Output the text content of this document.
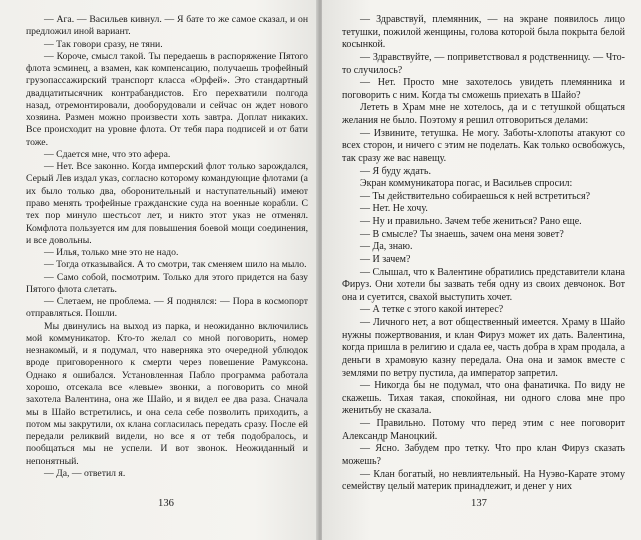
— Ага. — Васильев кивнул. — Я бате то же самое сказал, и он предложил иной вариант.

— Так говори сразу, не тяни.

— Короче, смысл такой. Ты передаешь в распоряжение Пятого флота эсминец, а взамен, как компенсацию, получаешь трофейный грузопассажирский транспорт класса «Орфей». Это стандартный двадцатитысячник контрабандистов. Его перехватили полгода назад, отремонтировали, дооборудовали и сейчас он ждет нового хозяина. Размен можно произвести хоть завтра. Доплат никаких. Все происходит на уровне флота. От тебя пара подписей и от бати тоже.

— Сдается мне, что это афера.

— Нет. Все законно. Когда имперский флот только зарождался, Серый Лев издал указ, согласно которому командующие флотами (а их было только два, оборонительный и наступательный) имеют право менять трофейные гражданские суда на военные корабли. С тех пор минуло шестьсот лет, и никто этот указ не отменял. Комфлота пользуется им для повышения боевой мощи соединения, и все довольны.

— Илья, только мне это не надо.

— Тогда отказывайся. А то смотри, так сменяем шило на мыло.

— Само собой, посмотрим. Только для этого придется на базу Пятого флота слетать.

— Слетаем, не проблема. — Я поднялся: — Пора в космопорт отправляться. Пошли.

Мы двинулись на выход из парка, и неожиданно включились мой коммуникатор. Кто-то желал со мной поговорить, номер незнакомый, и я подумал, что наверняка это очередной ублюдок вроде приговоренного к смерти через повешение Рамуксона. Однако я ошибался. Установленная Пабло программа работала хорошо, отсекала все «левые» звонки, а поговорить со мной захотела Валентина, она же Шайо, и я видел ее два раза. Сначала мы в Шайо встретились, и она села себе позволить приходить, а потом мы закрутили, ох клана согласилась передать сразу. После ей передали реликвий видели, но все я от тебя подобралось, и пообщаться мы не успели. И вот звонок. Неожиданный и непонятный.

— Да, — ответил я.

136

— Здравствуй, племянник, — на экране появилось лицо тетушки, пожилой женщины, голова которой была покрыта белой косынкой.

— Здравствуйте, — поприветствовал я родственницу. — Что-то случилось?

— Нет. Просто мне захотелось увидеть племянника и поговорить с ним. Когда ты сможешь приехать в Шайо?

Лететь в Храм мне не хотелось, да и с тетушкой общаться желания не было. Поэтому я решил отговориться делами:

— Извините, тетушка. Не могу. Заботы-хлопоты атакуют со всех сторон, и ничего с этим не поделать. Как только освобожусь, так сразу же вас навещу.

— Я буду ждать.

Экран коммуникатора погас, и Васильев спросил:

— Ты действительно собираешься к ней встретиться?

— Нет. Не хочу.

— Ну и правильно. Зачем тебе жениться? Рано еще.

— В смысле? Ты знаешь, зачем она меня зовет?

— Да, знаю.

— И зачем?

— Слышал, что к Валентине обратились представители клана Фируз. Они хотели бы зазвать тебя одну из своих девчонок. Вот она и суетится, свахой выступить хочет.

— А тетке с этого какой интерес?

— Личного нет, а вот общественный имеется. Храму в Шайо нужны пожертвования, и клан Фируз может их дать. Валентина, когда пришла в религию и сдала ее, часть добра в храм продала, а деньги в храмовую казну передала. Она она и замок вместе с землями по ветру пустила, да император запретил.

— Никогда бы не подумал, что она фанатичка. По виду не скажешь. Тихая такая, спокойная, ни одного слова мне про женитьбу не сказала.

— Правильно. Потому что перед этим с нее поговорит Александр Маноцкий.

— Ясно. Забудем про тетку. Что про клан Фируз сказать можешь?

— Клан богатый, но невлиятельный. На Нуэво-Карате этому семейству целый материк принадлежит, и денег у них

137
